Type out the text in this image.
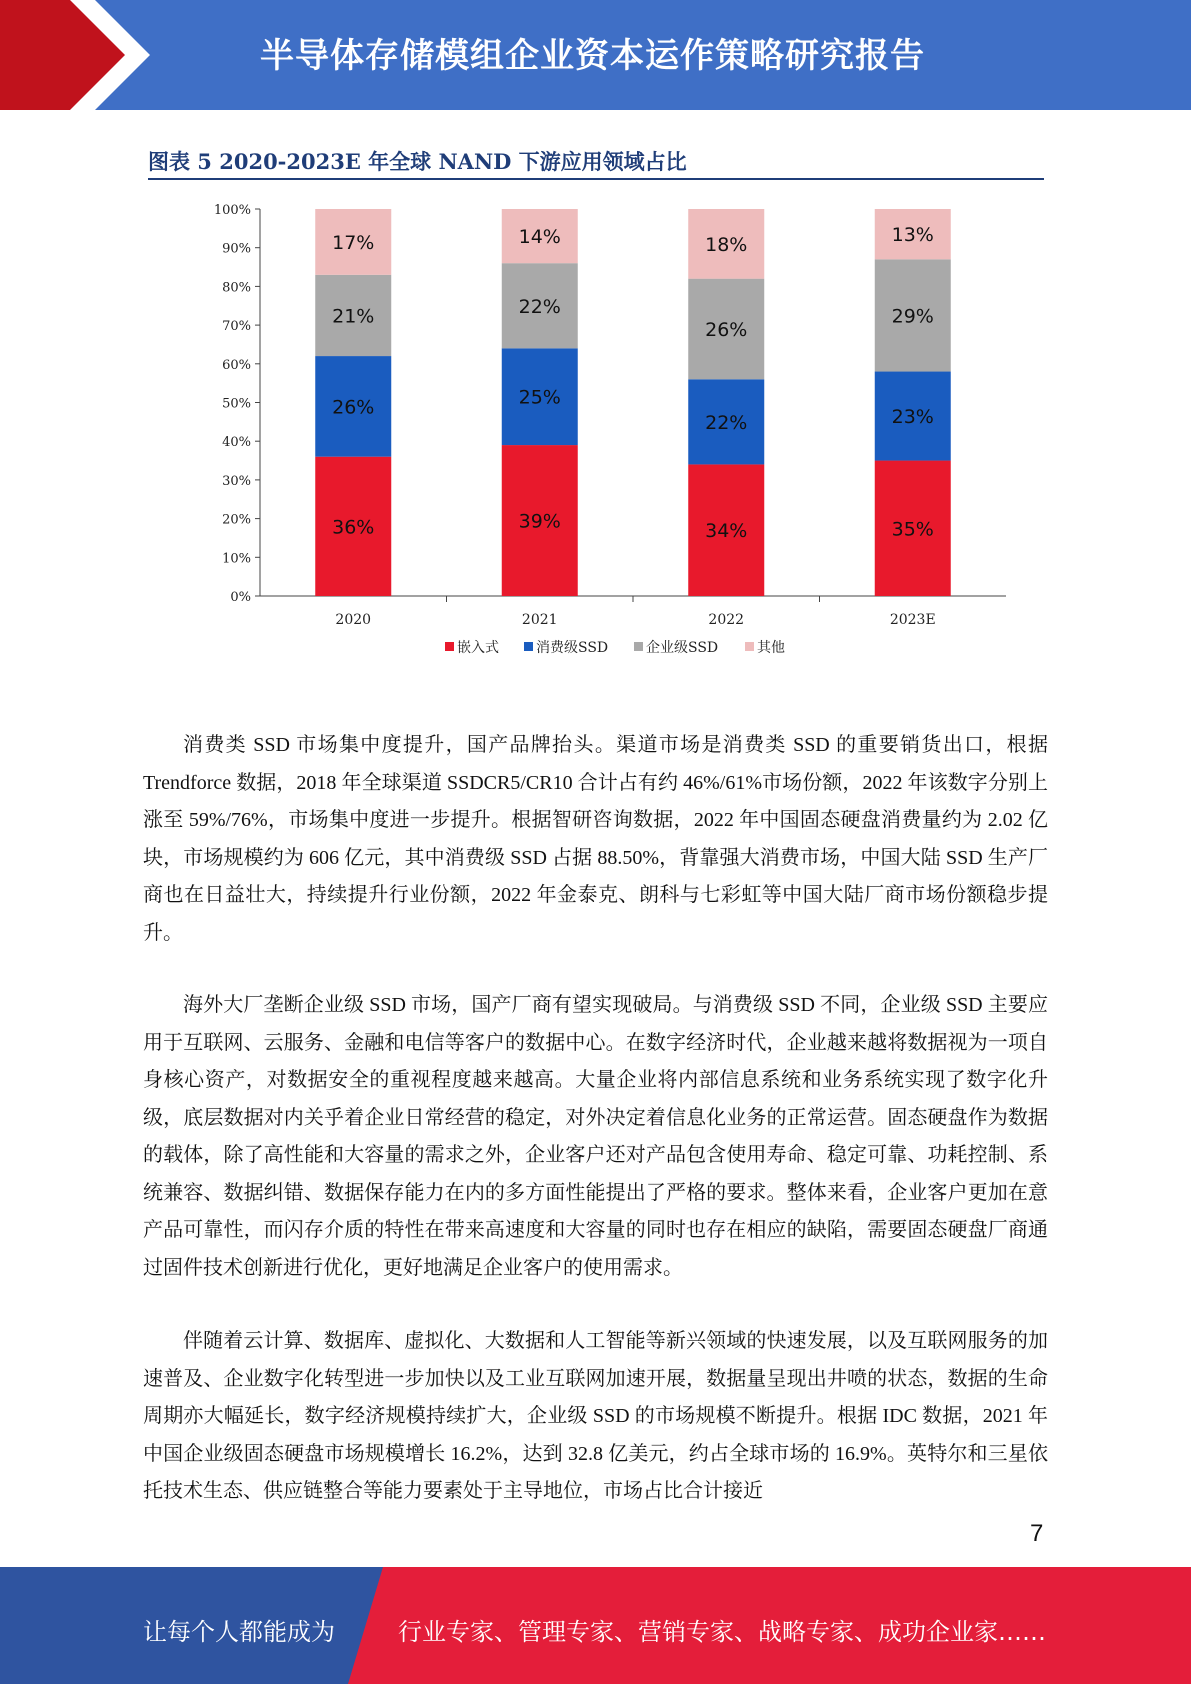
半导体存储模组企业资本运作策略研究报告
图表 5 2020-2023E 年全球 NAND 下游应用领域占比
0%
10%
20%
30%
40%
50%
60%
70%
80%
90%
100%
36%
26%
21%
17%
2020
39%
25%
22%
14%
2021
34%
22%
26%
18%
2022
35%
23%
29%
13%
2023E
嵌入式	消费级SSD	企业级SSD	其他

消费类 SSD 市场集中度提升，国产品牌抬头。渠道市场是消费类 SSD 的重要销货出口，根据 Trendforce 数据，2018 年全球渠道 SSDCR5/CR10 合计占有约 46%/61%市场份额，2022 年该数字分别上涨至 59%/76%，市场集中度进一步提升。根据智研咨询数据，2022 年中国固态硬盘消费量约为 2.02 亿块，市场规模约为 606 亿元，其中消费级 SSD 占据 88.50%，背靠强大消费市场，中国大陆 SSD 生产厂商也在日益壮大，持续提升行业份额，2022 年金泰克、朗科与七彩虹等中国大陆厂商市场份额稳步提升。

海外大厂垄断企业级 SSD 市场，国产厂商有望实现破局。与消费级 SSD 不同，企业级 SSD 主要应用于互联网、云服务、金融和电信等客户的数据中心。在数字经济时代，企业越来越将数据视为一项自身核心资产，对数据安全的重视程度越来越高。大量企业将内部信息系统和业务系统实现了数字化升级，底层数据对内关乎着企业日常经营的稳定，对外决定着信息化业务的正常运营。固态硬盘作为数据的载体，除了高性能和大容量的需求之外，企业客户还对产品包含使用寿命、稳定可靠、功耗控制、系统兼容、数据纠错、数据保存能力在内的多方面性能提出了严格的要求。整体来看，企业客户更加在意产品可靠性，而闪存介质的特性在带来高速度和大容量的同时也存在相应的缺陷，需要固态硬盘厂商通过固件技术创新进行优化，更好地满足企业客户的使用需求。

伴随着云计算、数据库、虚拟化、大数据和人工智能等新兴领域的快速发展，以及互联网服务的加速普及、企业数字化转型进一步加快以及工业互联网加速开展，数据量呈现出井喷的状态，数据的生命周期亦大幅延长，数字经济规模持续扩大，企业级 SSD 的市场规模不断提升。根据 IDC 数据，2021 年中国企业级固态硬盘市场规模增长 16.2%，达到 32.8 亿美元，约占全球市场的 16.9%。英特尔和三星依托技术生态、供应链整合等能力要素处于主导地位，市场占比合计接近

7
让每个人都能成为	行业专家、管理专家、营销专家、战略专家、成功企业家……
